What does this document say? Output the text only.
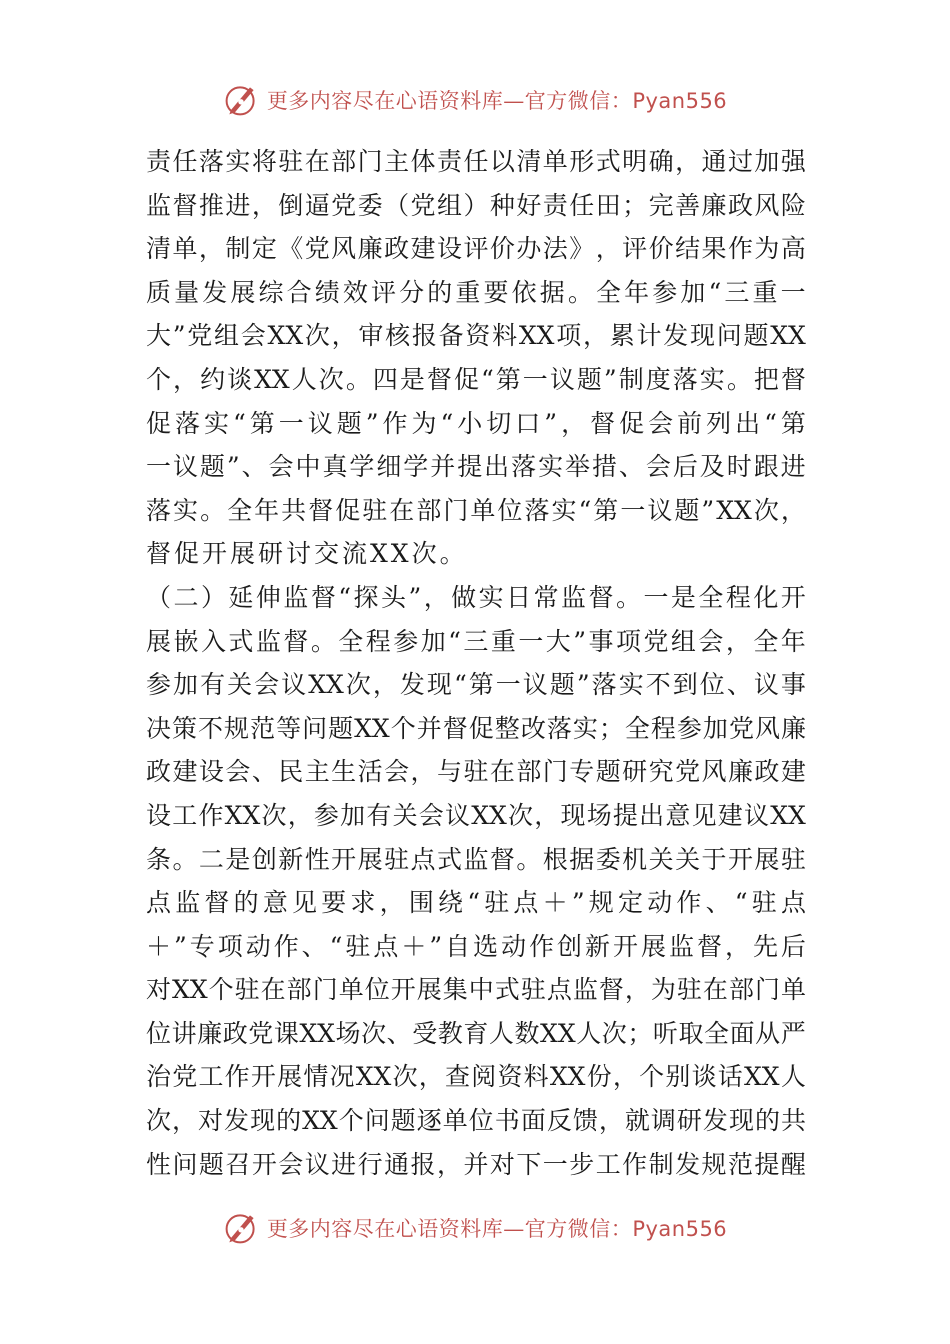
更多内容尽在心语资料库—官方微信：Pyan556
责 任 落 实 将 驻 在 部 门 主 体 责 任 以 清 单 形 式 明 确 ， 通 过 加 强
监 督 推 进 ， 倒 逼 党 委 （ 党 组 ） 种 好 责 任 田 ； 完 善 廉 政 风 险
清 单 ， 制 定 《 党 风 廉 政 建 设 评 价 办 法 》 ， 评 价 结 果 作 为 高
质 量 发 展 综 合 绩 效 评 分 的 重 要 依 据 。 全 年 参 加 “ 三 重 一
大 ” 党 组 会 XX 次 ， 审 核 报 备 资 料 XX 项 ， 累 计 发 现 问 题 XX
个 ， 约 谈 XX 人 次 。 四 是 督 促 “ 第 一 议 题 ” 制 度 落 实 。 把 督
促 落 实 “ 第 一 议 题 ” 作 为 “ 小 切 口 ” ， 督 促 会 前 列 出 “ 第
一 议 题 ” 、 会 中 真 学 细 学 并 提 出 落 实 举 措 、 会 后 及 时 跟 进
落 实 。 全 年 共 督 促 驻 在 部 门 单 位 落 实 “ 第 一 议 题 ” XX 次 ，
督促开展研讨交流XX次。
（ 二 ） 延 伸 监 督 “ 探 头 ” ， 做 实 日 常 监 督 。 一 是 全 程 化 开
展 嵌 入 式 监 督 。 全 程 参 加 “ 三 重 一 大 ” 事 项 党 组 会 ， 全 年
参 加 有 关 会 议 XX 次 ， 发 现 “ 第 一 议 题 ” 落 实 不 到 位 、 议 事
决 策 不 规 范 等 问 题 XX 个 并 督 促 整 改 落 实 ； 全 程 参 加 党 风 廉
政 建 设 会 、 民 主 生 活 会 ， 与 驻 在 部 门 专 题 研 究 党 风 廉 政 建
设 工 作 XX 次 ， 参 加 有 关 会 议 XX 次 ， 现 场 提 出 意 见 建 议 XX
条 。 二 是 创 新 性 开 展 驻 点 式 监 督 。 根 据 委 机 关 关 于 开 展 驻
点 监 督 的 意 见 要 求 ， 围 绕 “ 驻 点 ＋ ” 规 定 动 作 、 “ 驻 点
＋ ” 专 项 动 作 、 “ 驻 点 ＋ ” 自 选 动 作 创 新 开 展 监 督 ， 先 后
对 XX 个 驻 在 部 门 单 位 开 展 集 中 式 驻 点 监 督 ， 为 驻 在 部 门 单
位 讲 廉 政 党 课 XX 场 次 、 受 教 育 人 数 XX 人 次 ； 听 取 全 面 从 严
治 党 工 作 开 展 情 况 XX 次 ， 查 阅 资 料 XX 份 ， 个 别 谈 话 XX 人
次 ， 对 发 现 的 XX 个 问 题 逐 单 位 书 面 反 馈 ， 就 调 研 发 现 的 共
性 问 题 召 开 会 议 进 行 通 报 ， 并 对 下 一 步 工 作 制 发 规 范 提 醒
更多内容尽在心语资料库—官方微信：Pyan556
